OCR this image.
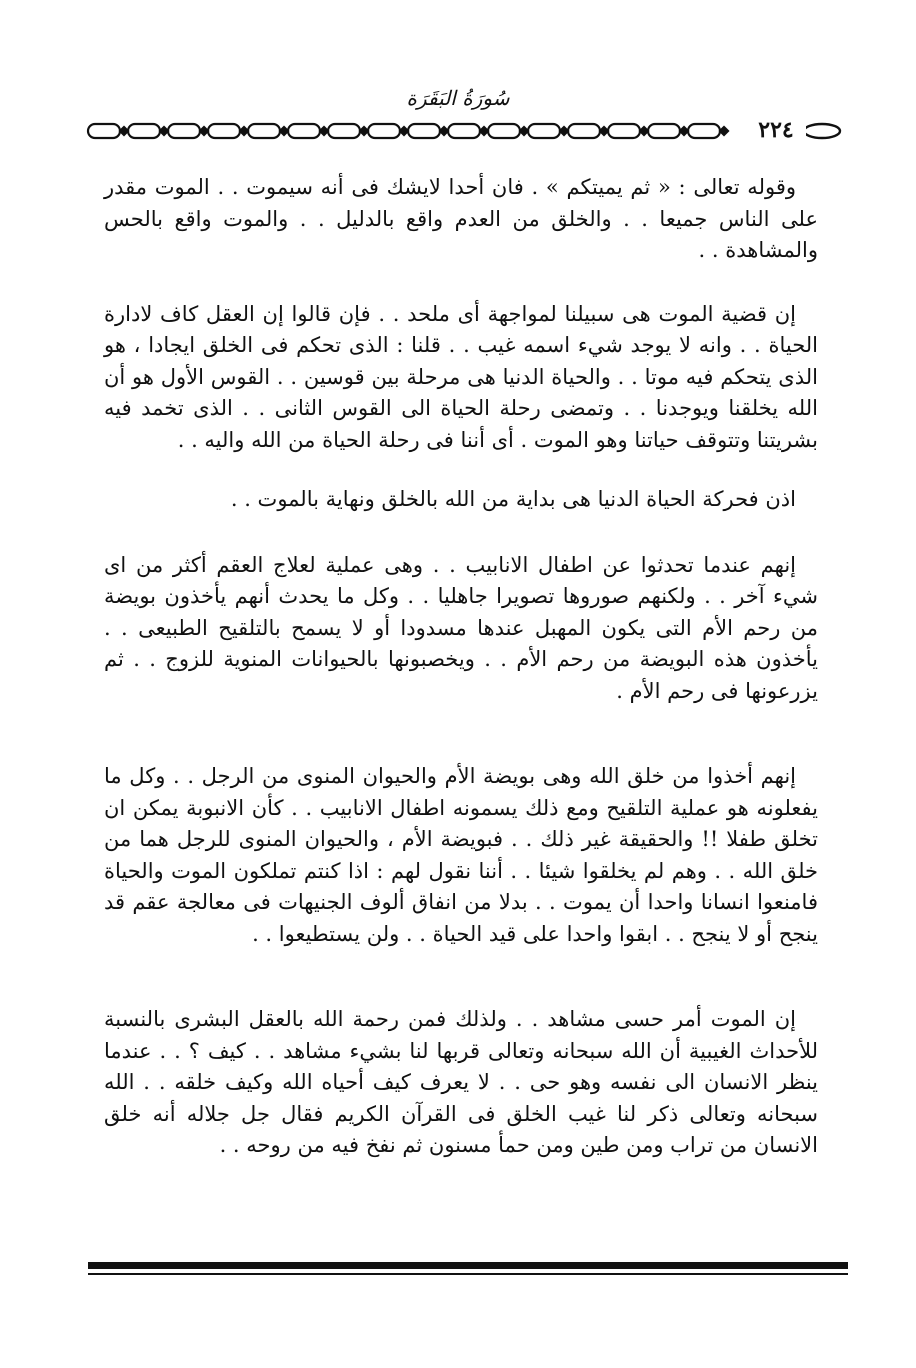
سُورَةُ البَقَرَة
٢٢٤

وقوله تعالى : « ثم يميتكم » . فان أحدا لايشك فى أنه سيموت . . الموت مقدر على الناس جميعا . . والخلق من العدم واقع بالدليل . . والموت واقع بالحس والمشاهدة . .

إن قضية الموت هى سبيلنا لمواجهة أى ملحد . . فإن قالوا إن العقل كاف لادارة الحياة . . وانه لا يوجد شيء اسمه غيب . . قلنا : الذى تحكم فى الخلق ايجادا ، هو الذى يتحكم فيه موتا . . والحياة الدنيا هى مرحلة بين قوسين . . القوس الأول هو أن الله يخلقنا ويوجدنا . . وتمضى رحلة الحياة الى القوس الثانى . . الذى تخمد فيه بشريتنا وتتوقف حياتنا وهو الموت . أى أننا فى رحلة الحياة من الله واليه . .

اذن فحركة الحياة الدنيا هى بداية من الله بالخلق ونهاية بالموت . .

إنهم عندما تحدثوا عن اطفال الانابيب . . وهى عملية لعلاج العقم أكثر من اى شيء آخر . . ولكنهم صوروها تصويرا جاهليا . . وكل ما يحدث أنهم يأخذون بويضة من رحم الأم التى يكون المهبل عندها مسدودا أو لا يسمح بالتلقيح الطبيعى . . يأخذون هذه البويضة من رحم الأم . . ويخصبونها بالحيوانات المنوية للزوج . . ثم يزرعونها فى رحم الأم .

إنهم أخذوا من خلق الله وهى بويضة الأم والحيوان المنوى من الرجل . . وكل ما يفعلونه هو عملية التلقيح ومع ذلك يسمونه اطفال الانابيب . . كأن الانبوبة يمكن ان تخلق طفلا !! والحقيقة غير ذلك . . فبويضة الأم ، والحيوان المنوى للرجل هما من خلق الله . . وهم لم يخلقوا شيئا . . أننا نقول لهم : اذا كنتم تملكون الموت والحياة فامنعوا انسانا واحدا أن يموت . . بدلا من انفاق ألوف الجنيهات فى معالجة عقم قد ينجح أو لا ينجح . . ابقوا واحدا على قيد الحياة . . ولن يستطيعوا . .

إن الموت أمر حسى مشاهد . . ولذلك فمن رحمة الله بالعقل البشرى بالنسبة للأحداث الغيبية أن الله سبحانه وتعالى قربها لنا بشيء مشاهد . . كيف ؟ . . عندما ينظر الانسان الى نفسه وهو حى . . لا يعرف كيف أحياه الله وكيف خلقه . . الله سبحانه وتعالى ذكر لنا غيب الخلق فى القرآن الكريم فقال جل جلاله أنه خلق الانسان من تراب ومن طين ومن حمأ مسنون ثم نفخ فيه من روحه . .
